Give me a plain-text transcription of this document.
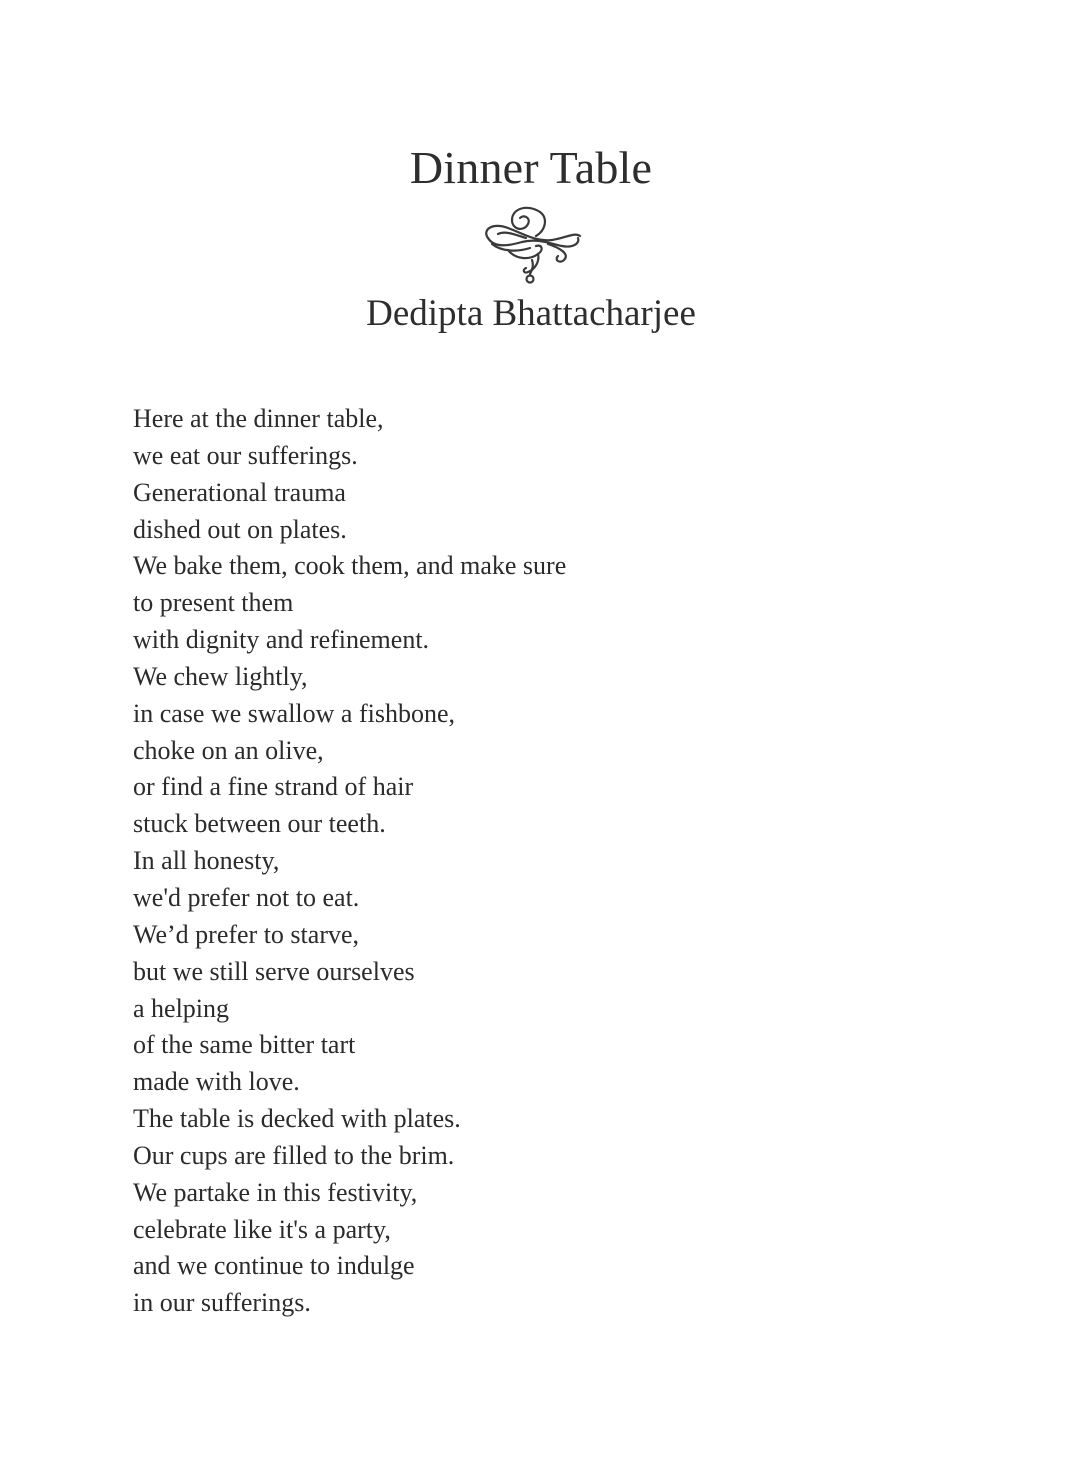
Dinner Table
Dedipta Bhattacharjee
Here at the dinner table,
we eat our sufferings.
Generational trauma
dished out on plates.
We bake them, cook them, and make sure
to present them
with dignity and refinement.
We chew lightly,
in case we swallow a fishbone,
choke on an olive,
or find a fine strand of hair
stuck between our teeth.
In all honesty,
we'd prefer not to eat.
We’d prefer to starve,
but we still serve ourselves
a helping
of the same bitter tart
made with love.
The table is decked with plates.
Our cups are filled to the brim.
We partake in this festivity,
celebrate like it's a party,
and we continue to indulge
in our sufferings.
